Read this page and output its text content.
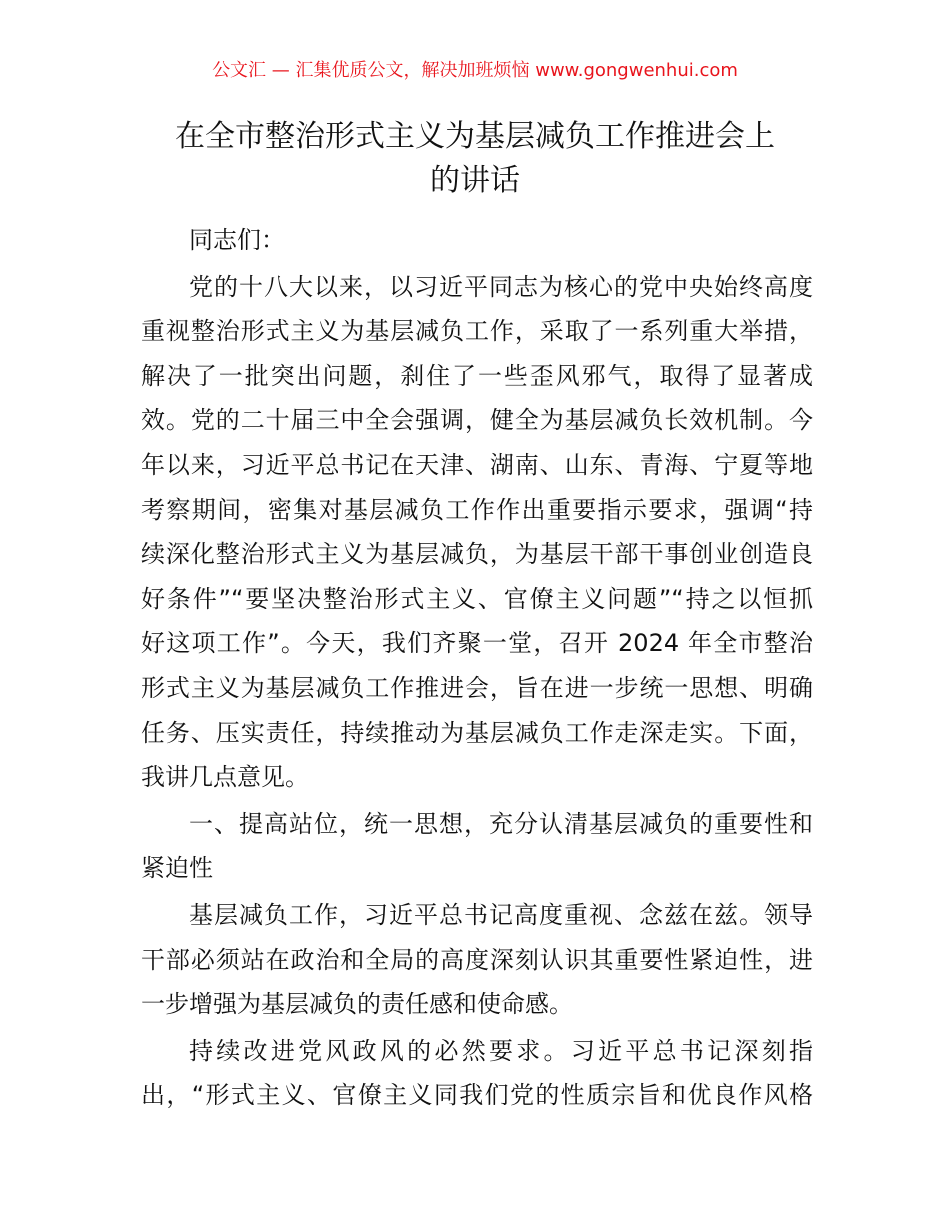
公文汇 — 汇集优质公文，解决加班烦恼 www.gongwenhui.com
在全市整治形式主义为基层减负工作推进会上
的讲话
同志们：
党的十八大以来，以习近平同志为核心的党中央始终高度
重视整治形式主义为基层减负工作，采取了一系列重大举措，
解决了一批突出问题，刹住了一些歪风邪气，取得了显著成
效。党的二十届三中全会强调，健全为基层减负长效机制。今
年以来，习近平总书记在天津、湖南、山东、青海、宁夏等地
考察期间，密集对基层减负工作作出重要指示要求，强调“持
续深化整治形式主义为基层减负，为基层干部干事创业创造良
好条件”“要坚决整治形式主义、官僚主义问题”“持之以恒抓
好这项工作”。今天，我们齐聚一堂，召开 2024 年全市整治
形式主义为基层减负工作推进会，旨在进一步统一思想、明确
任务、压实责任，持续推动为基层减负工作走深走实。下面，
我讲几点意见。
一、提高站位，统一思想，充分认清基层减负的重要性和
紧迫性
基层减负工作，习近平总书记高度重视、念兹在兹。领导
干部必须站在政治和全局的高度深刻认识其重要性紧迫性，进
一步增强为基层减负的责任感和使命感。
持续改进党风政风的必然要求。习近平总书记深刻指
出，“形式主义、官僚主义同我们党的性质宗旨和优良作风格
